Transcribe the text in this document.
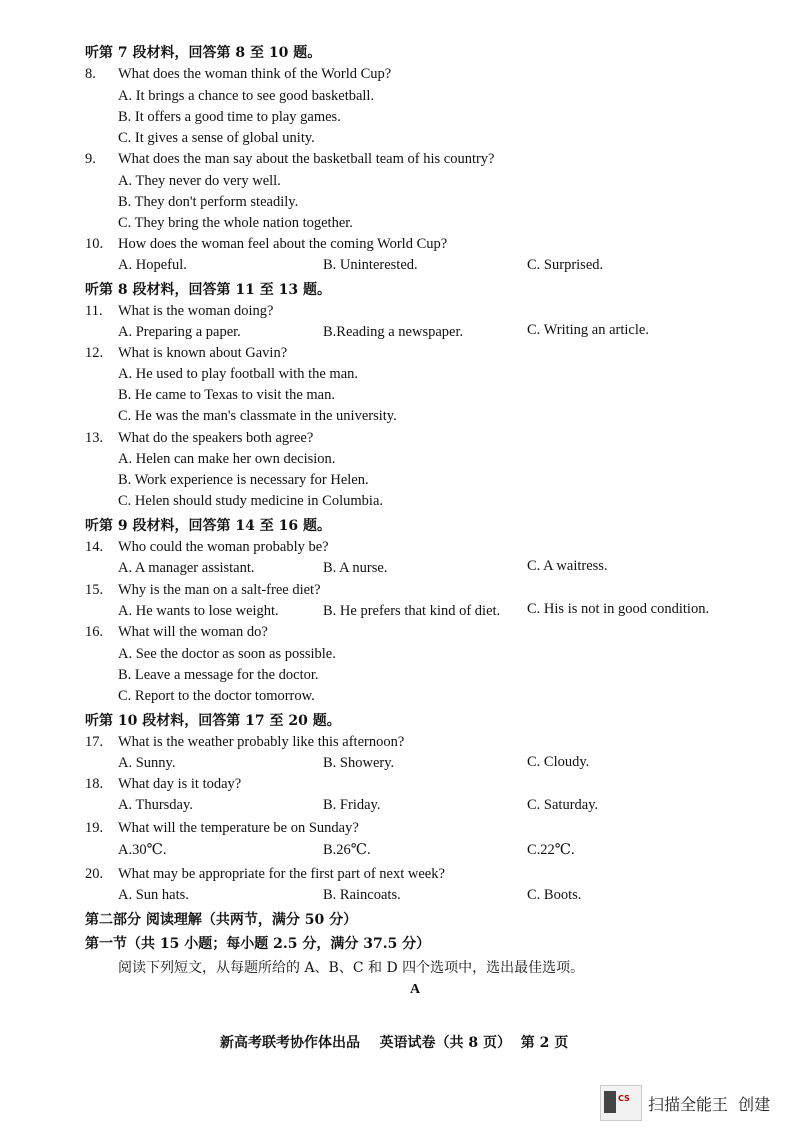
听第 7 段材料，回答第 8 至 10 题。
8. What does the woman think of the World Cup?
A. It brings a chance to see good basketball.
B. It offers a good time to play games.
C. It gives a sense of global unity.
9. What does the man say about the basketball team of his country?
A. They never do very well.
B. They don't perform steadily.
C. They bring the whole nation together.
10. How does the woman feel about the coming World Cup?
A. Hopeful.	B. Uninterested.	C. Surprised.
听第 8 段材料，回答第 11 至 13 题。
11. What is the woman doing?
A. Preparing a paper.	B.Reading a newspaper.	C. Writing an article.
12. What is known about Gavin?
A. He used to play football with the man.
B. He came to Texas to visit the man.
C. He was the man's classmate in the university.
13. What do the speakers both agree?
A. Helen can make her own decision.
B. Work experience is necessary for Helen.
C. Helen should study medicine in Columbia.
听第 9 段材料，回答第 14 至 16 题。
14. Who could the woman probably be?
A. A manager assistant.	B. A nurse.	C. A waitress.
15. Why is the man on a salt-free diet?
A. He wants to lose weight.	B. He prefers that kind of diet. C. His is not in good condition.
16. What will the woman do?
A. See the doctor as soon as possible.
B. Leave a message for the doctor.
C. Report to the doctor tomorrow.
听第 10 段材料，回答第 17 至 20 题。
17. What is the weather probably like this afternoon?
A. Sunny.	B. Showery.	C. Cloudy.
18. What day is it today?
A. Thursday.	B. Friday.	C. Saturday.
19. What will the temperature be on Sunday?
A.30℃.	B.26℃.	C.22℃.
20. What may be appropriate for the first part of next week?
A. Sun hats.	B. Raincoats.	C. Boots.
第二部分 阅读理解（共两节，满分 50 分）
第一节（共 15 小题；每小题 2.5 分，满分 37.5 分）
阅读下列短文，从每题所给的 A、B、C 和 D 四个选项中，选出最佳选项。
A
新高考联考协作体出品    英语试卷（共 8 页）  第 2 页
CS 扫描全能王  创建
